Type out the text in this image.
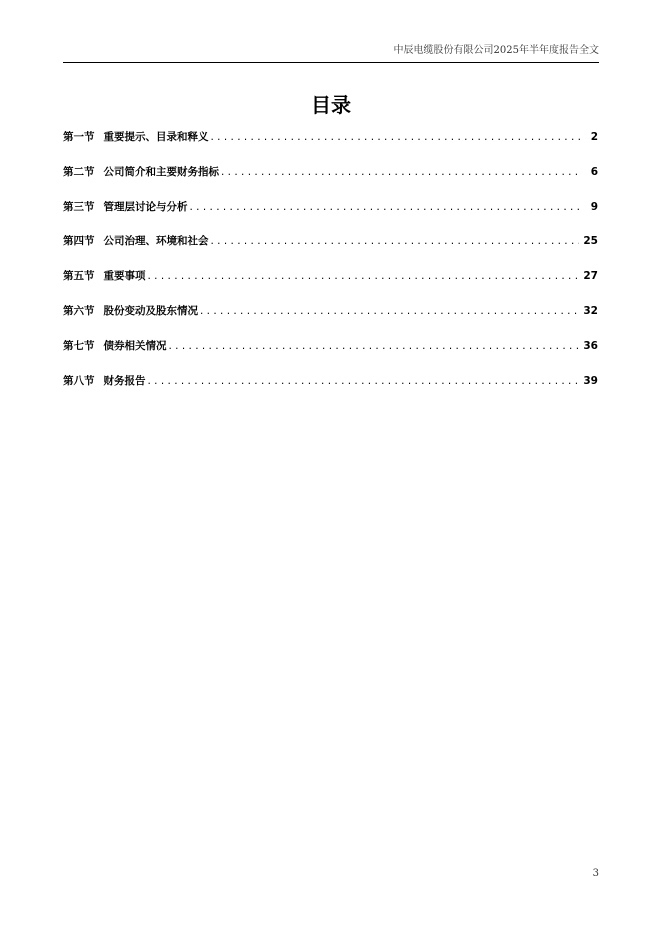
中辰电缆股份有限公司2025年半年度报告全文
目录
第一节 重要提示、目录和释义 . . .	2
第二节 公司简介和主要财务指标 . . .	6
第三节 管理层讨论与分析 . . .	9
第四节 公司治理、环境和社会 . . .	25
第五节 重要事项 . . .	27
第六节 股份变动及股东情况 . . .	32
第七节 债券相关情况 . . .	36
第八节 财务报告 . . .	39
3
